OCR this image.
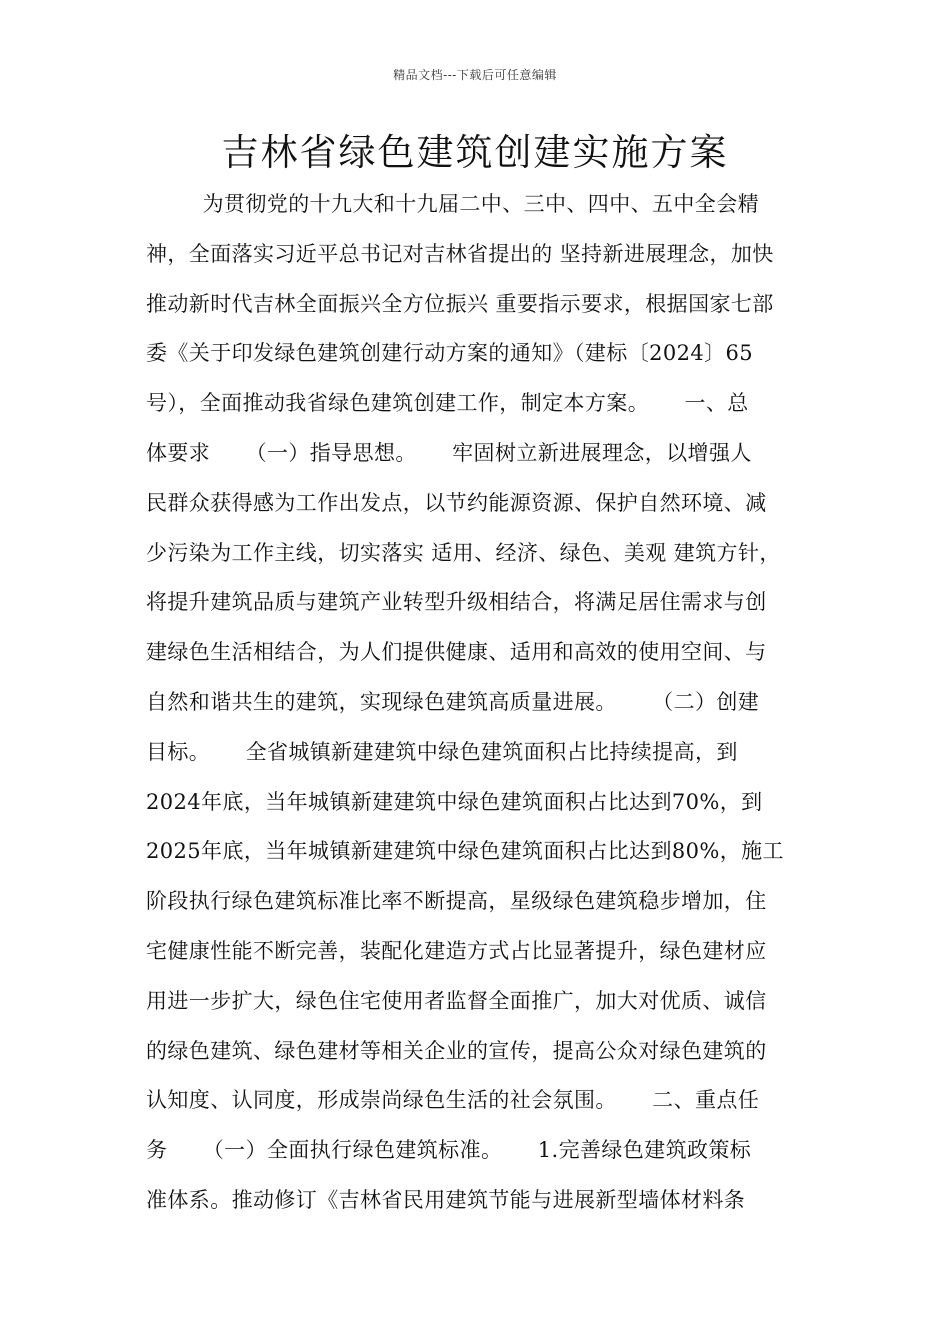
精品文档---下载后可任意编辑
吉林省绿色建筑创建实施方案
为贯彻党的十九大和十九届二中、三中、四中、五中全会精
神，全面落实习近平总书记对吉林省提出的 坚持新进展理念，加快
推动新时代吉林全面振兴全方位振兴 重要指示要求，根据国家七部
委《关于印发绿色建筑创建行动方案的通知》（建标〔2024〕65
号），全面推动我省绿色建筑创建工作，制定本方案。     一、总
体要求     （一）指导思想。     牢固树立新进展理念，以增强人
民群众获得感为工作出发点，以节约能源资源、保护自然环境、减
少污染为工作主线，切实落实 适用、经济、绿色、美观 建筑方针，
将提升建筑品质与建筑产业转型升级相结合，将满足居住需求与创
建绿色生活相结合，为人们提供健康、适用和高效的使用空间、与
自然和谐共生的建筑，实现绿色建筑高质量进展。     （二）创建
目标。     全省城镇新建建筑中绿色建筑面积占比持续提高，到
2024年底，当年城镇新建建筑中绿色建筑面积占比达到70%，到
2025年底，当年城镇新建建筑中绿色建筑面积占比达到80%，施工
阶段执行绿色建筑标准比率不断提高，星级绿色建筑稳步增加，住
宅健康性能不断完善，装配化建造方式占比显著提升，绿色建材应
用进一步扩大，绿色住宅使用者监督全面推广，加大对优质、诚信
的绿色建筑、绿色建材等相关企业的宣传，提高公众对绿色建筑的
认知度、认同度，形成崇尚绿色生活的社会氛围。     二、重点任
务     （一）全面执行绿色建筑标准。     1.完善绿色建筑政策标
准体系。推动修订《吉林省民用建筑节能与进展新型墙体材料条
